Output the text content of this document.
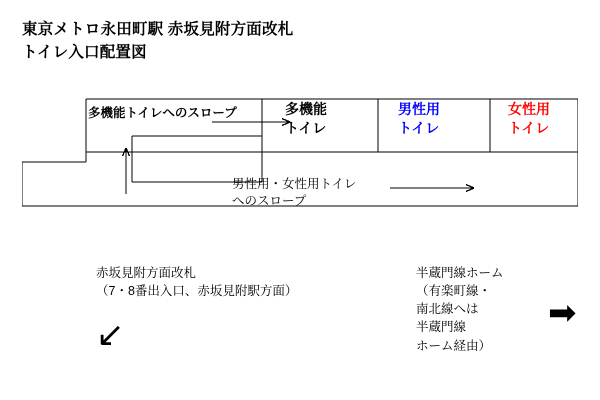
東京メトロ永田町駅 赤坂見附方面改札
トイレ入口配置図
多機能
トイレ
男性用
トイレ
女性用
トイレ
多機能トイレへのスロープ
男性用・女性用トイレ
へのスロープ
赤坂見附方面改札
（7・8番出入口、赤坂見附駅方面）
↙
半蔵門線ホーム
（有楽町線・
南北線へは
半蔵門線
ホーム経由）
➡
